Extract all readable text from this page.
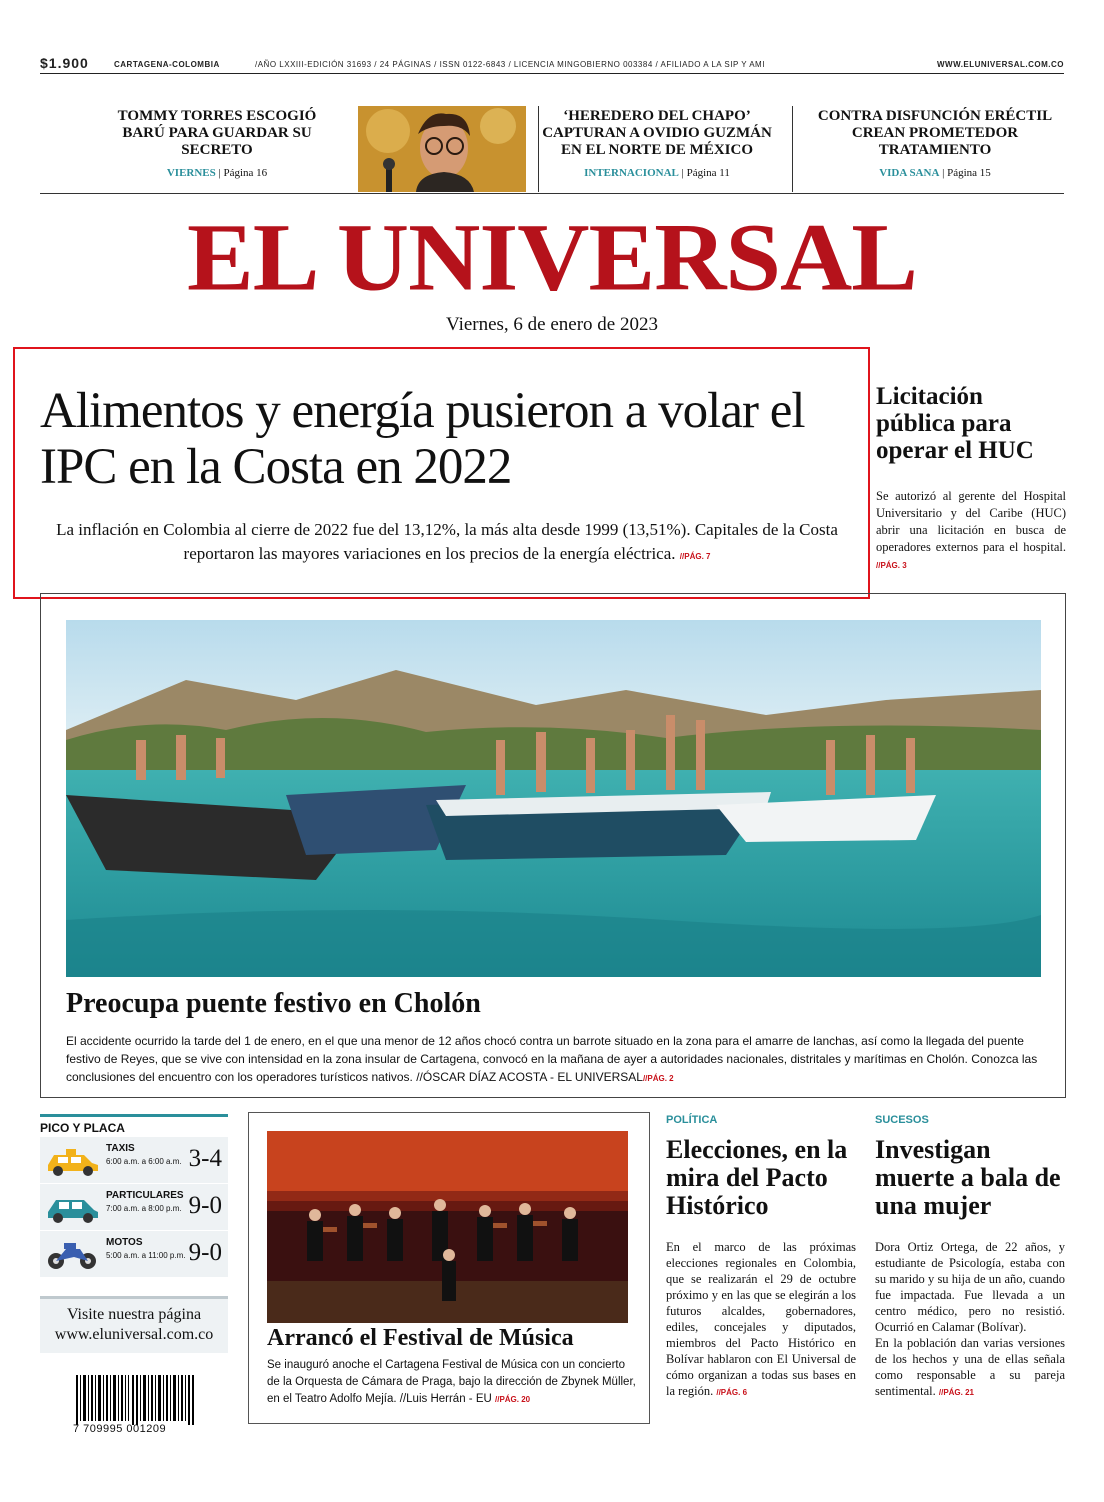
$1.900	CARTAGENA-COLOMBIA	/AÑO LXXIII-EDICIÓN 31693 / 24 PÁGINAS / ISSN 0122-6843 / LICENCIA MINGOBIERNO 003384 / AFILIADO A LA SIP Y AMI	WWW.ELUNIVERSAL.COM.CO
TOMMY TORRES ESCOGIÓ BARÚ PARA GUARDAR SU SECRETO
VIERNES | Página 16
‘HEREDERO DEL CHAPO’ CAPTURAN A OVIDIO GUZMÁN EN EL NORTE DE MÉXICO
INTERNACIONAL | Página 11
CONTRA DISFUNCIÓN ERÉCTIL CREAN PROMETEDOR TRATAMIENTO
VIDA SANA | Página 15
EL UNIVERSAL
Viernes, 6 de enero de 2023
Alimentos y energía pusieron a volar el IPC en la Costa en 2022
La inflación en Colombia al cierre de 2022 fue del 13,12%, la más alta desde 1999 (13,51%). Capitales de la Costa reportaron las mayores variaciones en los precios de la energía eléctrica. //PÁG. 7
Licitación pública para operar el HUC
Se autorizó al gerente del Hospital Universitario y del Caribe (HUC) abrir una licitación en busca de operadores externos para el hospital. //PÁG. 3
Preocupa puente festivo en Cholón
El accidente ocurrido la tarde del 1 de enero, en el que una menor de 12 años chocó contra un barrote situado en la zona para el amarre de lanchas, así como la llegada del puente festivo de Reyes, que se vive con intensidad en la zona insular de Cartagena, convocó en la mañana de ayer a autoridades nacionales, distritales y marítimas en Cholón. Conozca las conclusiones del encuentro con los operadores turísticos nativos. //ÓSCAR DÍAZ ACOSTA - EL UNIVERSAL//PÁG. 2
PICO Y PLACA
TAXIS
6:00 a.m. a 6:00 a.m. 3-4
PARTICULARES
7:00 a.m. a 8:00 p.m. 9-0
MOTOS
5:00 a.m. a 11:00 p.m. 9-0
Visite nuestra página
www.eluniversal.com.co
7 709995 001209
Arrancó el Festival de Música
Se inauguró anoche el Cartagena Festival de Música con un concierto de la Orquesta de Cámara de Praga, bajo la dirección de Zbynek Müller, en el Teatro Adolfo Mejía. //Luis Herrán - EU //PÁG. 20
POLÍTICA
Elecciones, en la mira del Pacto Histórico
En el marco de las próximas elecciones regionales en Colombia, que se realizarán el 29 de octubre próximo y en las que se elegirán a los futuros alcaldes, gobernadores, ediles, concejales y diputados, miembros del Pacto Histórico en Bolívar hablaron con El Universal de cómo organizan a todas sus bases en la región. //PÁG. 6
SUCESOS
Investigan muerte a bala de una mujer
Dora Ortiz Ortega, de 22 años, y estudiante de Psicología, estaba con su marido y su hija de un año, cuando fue impactada. Fue llevada a un centro médico, pero no resistió. Ocurrió en Calamar (Bolívar).
En la población dan varias versiones de los hechos y una de ellas señala como responsable a su pareja sentimental. //PÁG. 21
